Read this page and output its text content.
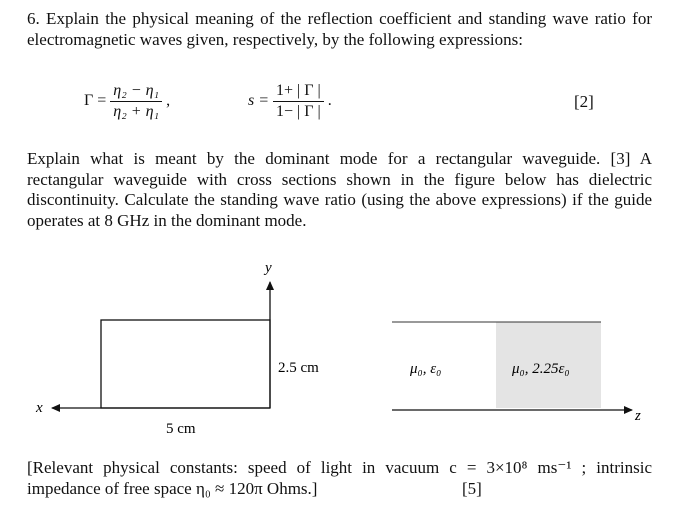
6. Explain the physical meaning of the reflection coefficient and standing wave ratio for electromagnetic waves given, respectively, by the following expressions:
$\Gamma = \frac{\text{η₂ − η₁}}{\text{η₂ + η₁}}$ ,	$s = \frac{1+ | \Gamma |}{1- | \Gamma |}$ .	[2]
Explain what is meant by the dominant mode for a rectangular waveguide. [3] A rectangular waveguide with cross sections shown in the figure below has dielectric discontinuity. Calculate the standing wave ratio (using the above expressions) if the guide operates at 8 GHz in the dominant mode.
y
x
2.5 cm
5 cm
z
μ₀, ε₀	μ₀, 2.25ε₀
[Relevant physical constants: speed of light in vacuum c = 3×10⁸ ms⁻¹ ; intrinsic impedance of free space η₀ ≈ 120π Ohms.]	[5]
